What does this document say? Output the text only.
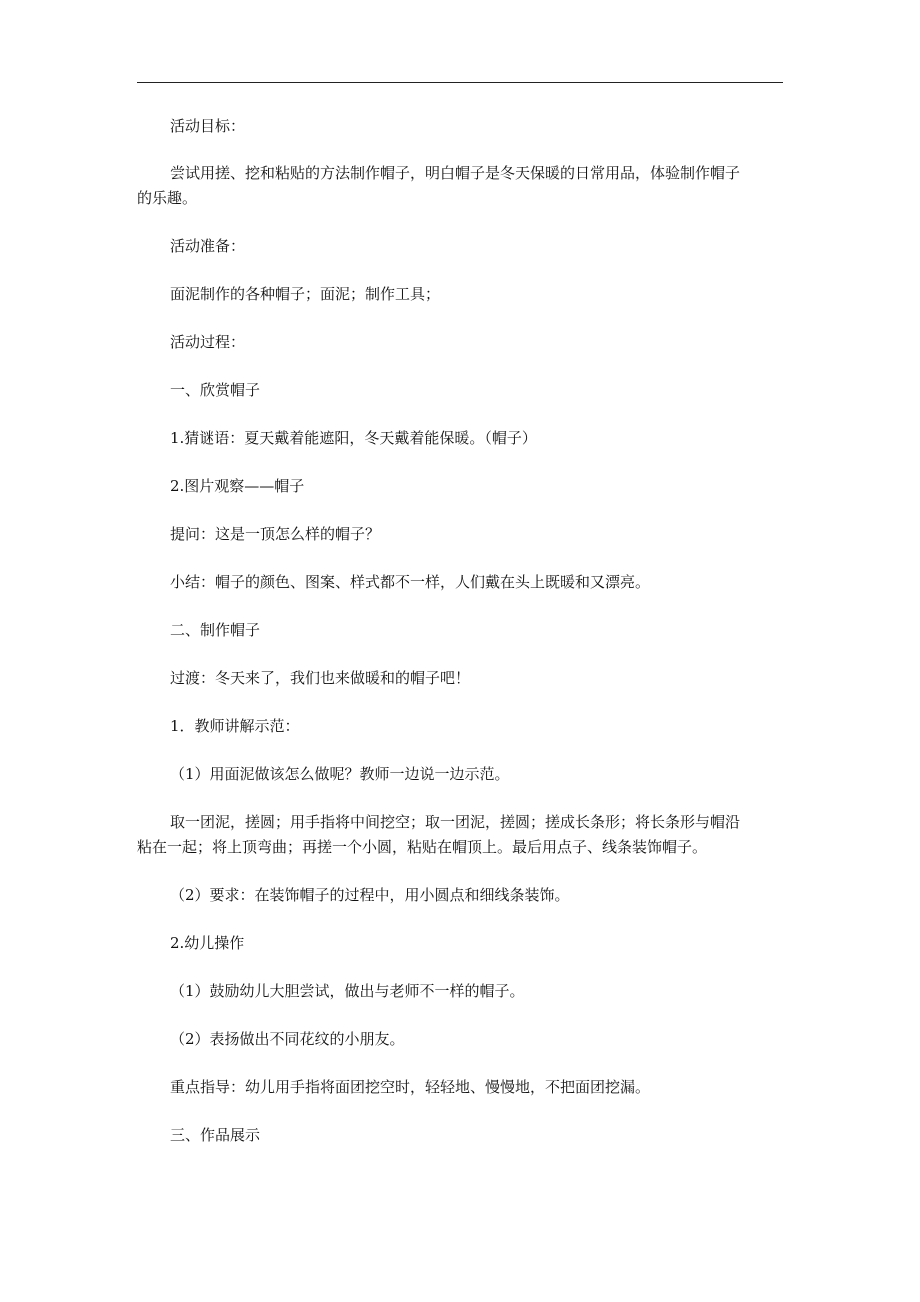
活动目标：

尝试用搓、挖和粘贴的方法制作帽子，明白帽子是冬天保暖的日常用品，体验制作帽子

的乐趣。

活动准备：

面泥制作的各种帽子；面泥；制作工具；

活动过程：

一、欣赏帽子

1.猜谜语：夏天戴着能遮阳，冬天戴着能保暖。（帽子）

2.图片观察——帽子

提问：这是一顶怎么样的帽子？

小结：帽子的颜色、图案、样式都不一样，人们戴在头上既暖和又漂亮。

二、制作帽子

过渡：冬天来了，我们也来做暖和的帽子吧！

1．教师讲解示范：

（1）用面泥做该怎么做呢？教师一边说一边示范。

取一团泥，搓圆；用手指将中间挖空；取一团泥，搓圆；搓成长条形；将长条形与帽沿

粘在一起；将上顶弯曲；再搓一个小圆，粘贴在帽顶上。最后用点子、线条装饰帽子。

（2）要求：在装饰帽子的过程中，用小圆点和细线条装饰。

2.幼儿操作

（1）鼓励幼儿大胆尝试，做出与老师不一样的帽子。

（2）表扬做出不同花纹的小朋友。

重点指导：幼儿用手指将面团挖空时，轻轻地、慢慢地，不把面团挖漏。

三、作品展示
